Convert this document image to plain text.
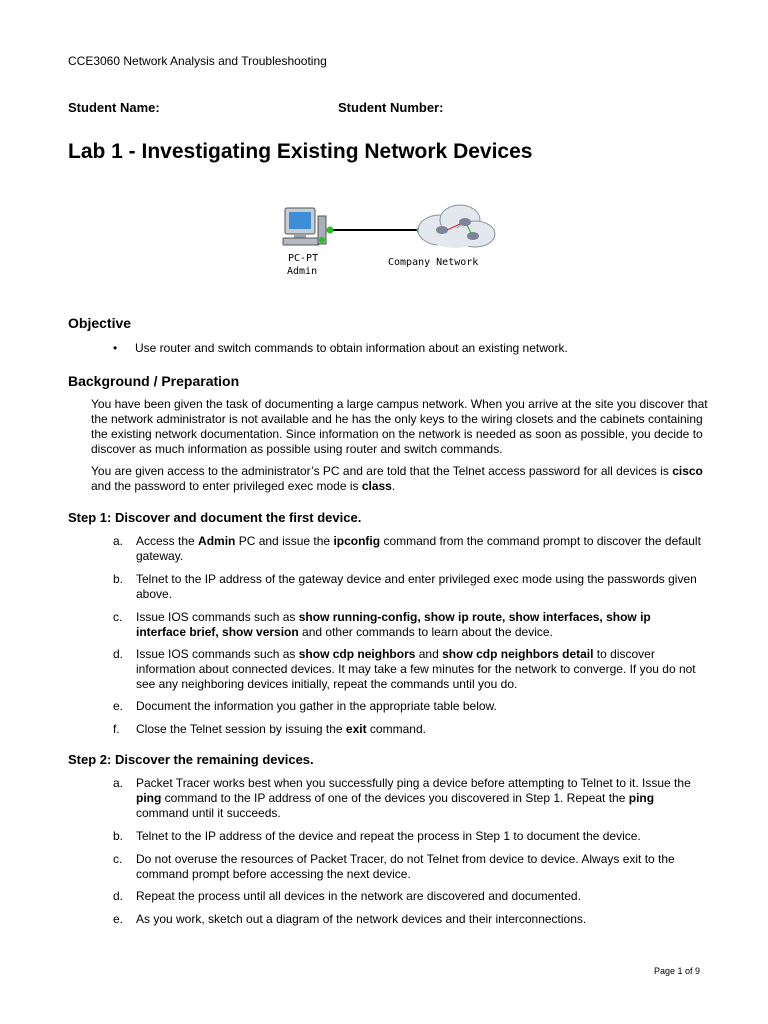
CCE3060 Network Analysis and Troubleshooting
Student Name:	Student Number:
Lab 1 - Investigating Existing Network Devices
PC-PT
Admin
Company Network
Objective
• Use router and switch commands to obtain information about an existing network.
Background / Preparation

You have been given the task of documenting a large campus network. When you arrive at the site you discover that the network administrator is not available and he has the only keys to the wiring closets and the cabinets containing the existing network documentation. Since information on the network is needed as soon as possible, you decide to discover as much information as possible using router and switch commands.

You are given access to the administrator’s PC and are told that the Telnet access password for all devices is cisco and the password to enter privileged exec mode is class.

Step 1: Discover and document the first device.
a.	Access the Admin PC and issue the ipconfig command from the command prompt to discover the default gateway.
b.	Telnet to the IP address of the gateway device and enter privileged exec mode using the passwords given above.
c.	Issue IOS commands such as show running-config, show ip route, show interfaces, show ip interface brief, show version and other commands to learn about the device.
d.	Issue IOS commands such as show cdp neighbors and show cdp neighbors detail to discover information about connected devices. It may take a few minutes for the network to converge. If you do not see any neighboring devices initially, repeat the commands until you do.
e.	Document the information you gather in the appropriate table below.
f.	Close the Telnet session by issuing the exit command.
Step 2: Discover the remaining devices.
a.	Packet Tracer works best when you successfully ping a device before attempting to Telnet to it. Issue the ping command to the IP address of one of the devices you discovered in Step 1. Repeat the ping command until it succeeds.
b.	Telnet to the IP address of the device and repeat the process in Step 1 to document the device.
c.	Do not overuse the resources of Packet Tracer, do not Telnet from device to device. Always exit to the command prompt before accessing the next device.
d.	Repeat the process until all devices in the network are discovered and documented.
e.	As you work, sketch out a diagram of the network devices and their interconnections.
Page 1 of 9
